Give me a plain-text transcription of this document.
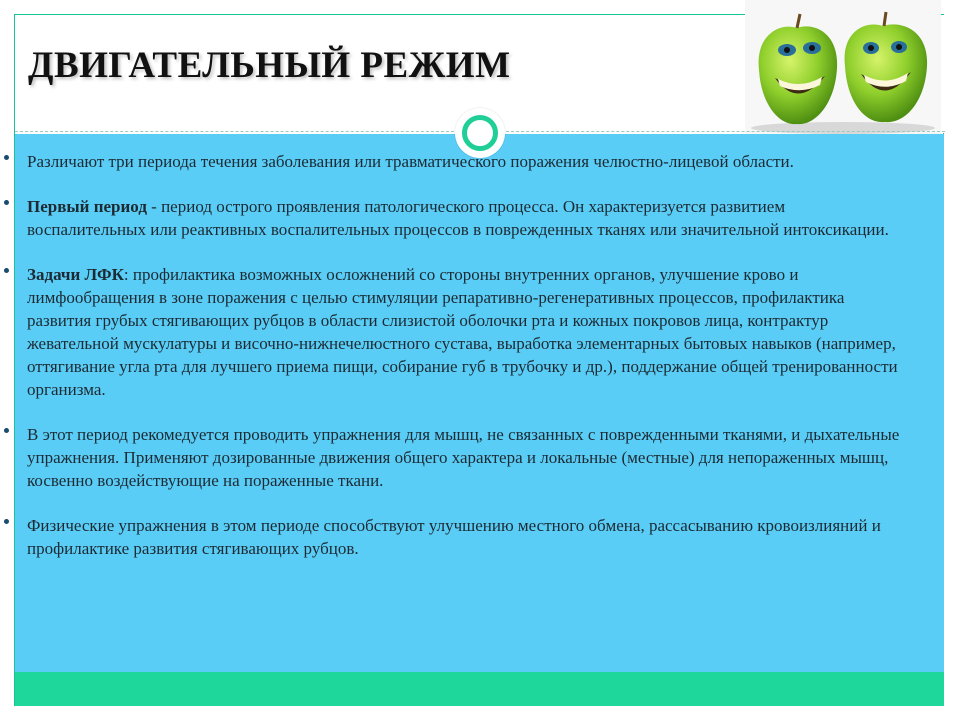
ДВИГАТЕЛЬНЫЙ РЕЖИМ
Различают три периода течения заболевания или травматического поражения челюстно-лицевой области.
Первый период - период острого проявления патологического процесса. Он характеризуется развитием воспалительных или реактивных воспалительных процессов в поврежденных тканях или значительной интоксикации.
Задачи ЛФК: профилактика возможных осложнений со стороны внутренних органов, улучшение крово и лимфообращения в зоне поражения с целью стимуляции репаративно-регенеративных процессов, профилактика развития грубых стягивающих рубцов в области слизистой оболочки рта и кожных покровов лица, контрактур жевательной мускулатуры и височно-нижнечелюстного сустава, выработка элементарных бытовых навыков (например, оттягивание угла рта для лучшего приема пищи, собирание губ в трубочку и др.), поддержание общей тренированности организма.
В этот период рекомедуется проводить упражнения для мышц, не связанных с поврежденными тканями, и дыхательные упражнения. Применяют дозированные движения общего характера и локальные (местные) для непораженных мышц, косвенно воздействующие на пораженные ткани.
Физические упражнения в этом периоде способствуют улучшению местного обмена, рассасыванию кровоизлияний и профилактике развития стягивающих рубцов.
